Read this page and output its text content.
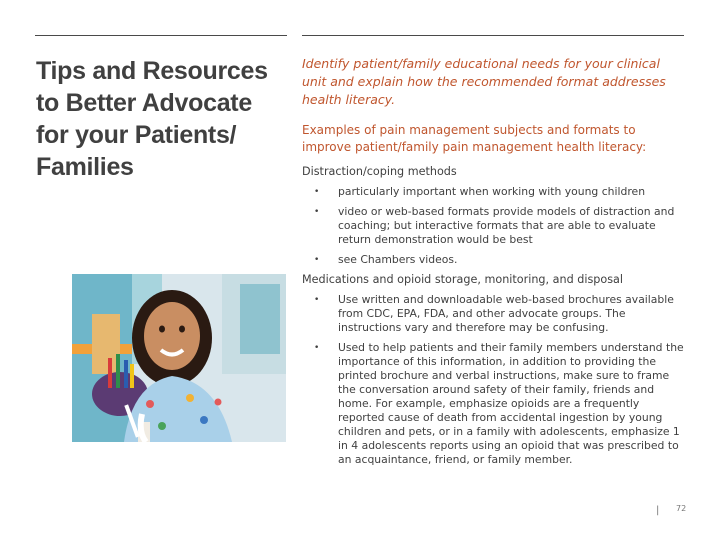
Tips and Resources to Better Advocate for your Patients/ Families

Identify patient/family educational needs for your clinical unit and explain how the recommended format addresses health literacy.

Examples of pain management subjects and formats to improve patient/family pain management health literacy:

Distraction/coping methods
• particularly important when working with young children
• video or web-based formats provide models of distraction and coaching; but interactive formats that are able to evaluate return demonstration would be best
• see Chambers videos.
Medications and opioid storage, monitoring, and disposal
• Use written and downloadable web-based brochures available from CDC, EPA, FDA, and other advocate groups. The instructions vary and therefore may be confusing.
• Used to help patients and their family members understand the importance of this information, in addition to providing the printed brochure and verbal instructions, make sure to frame the conversation around safety of their family, friends and home. For example, emphasize opioids are a frequently reported cause of death from accidental ingestion by young children and pets, or in a family with adolescents, emphasize 1 in 4 adolescents reports using an opioid that was prescribed to an acquaintance, friend, or family member.
| 72
